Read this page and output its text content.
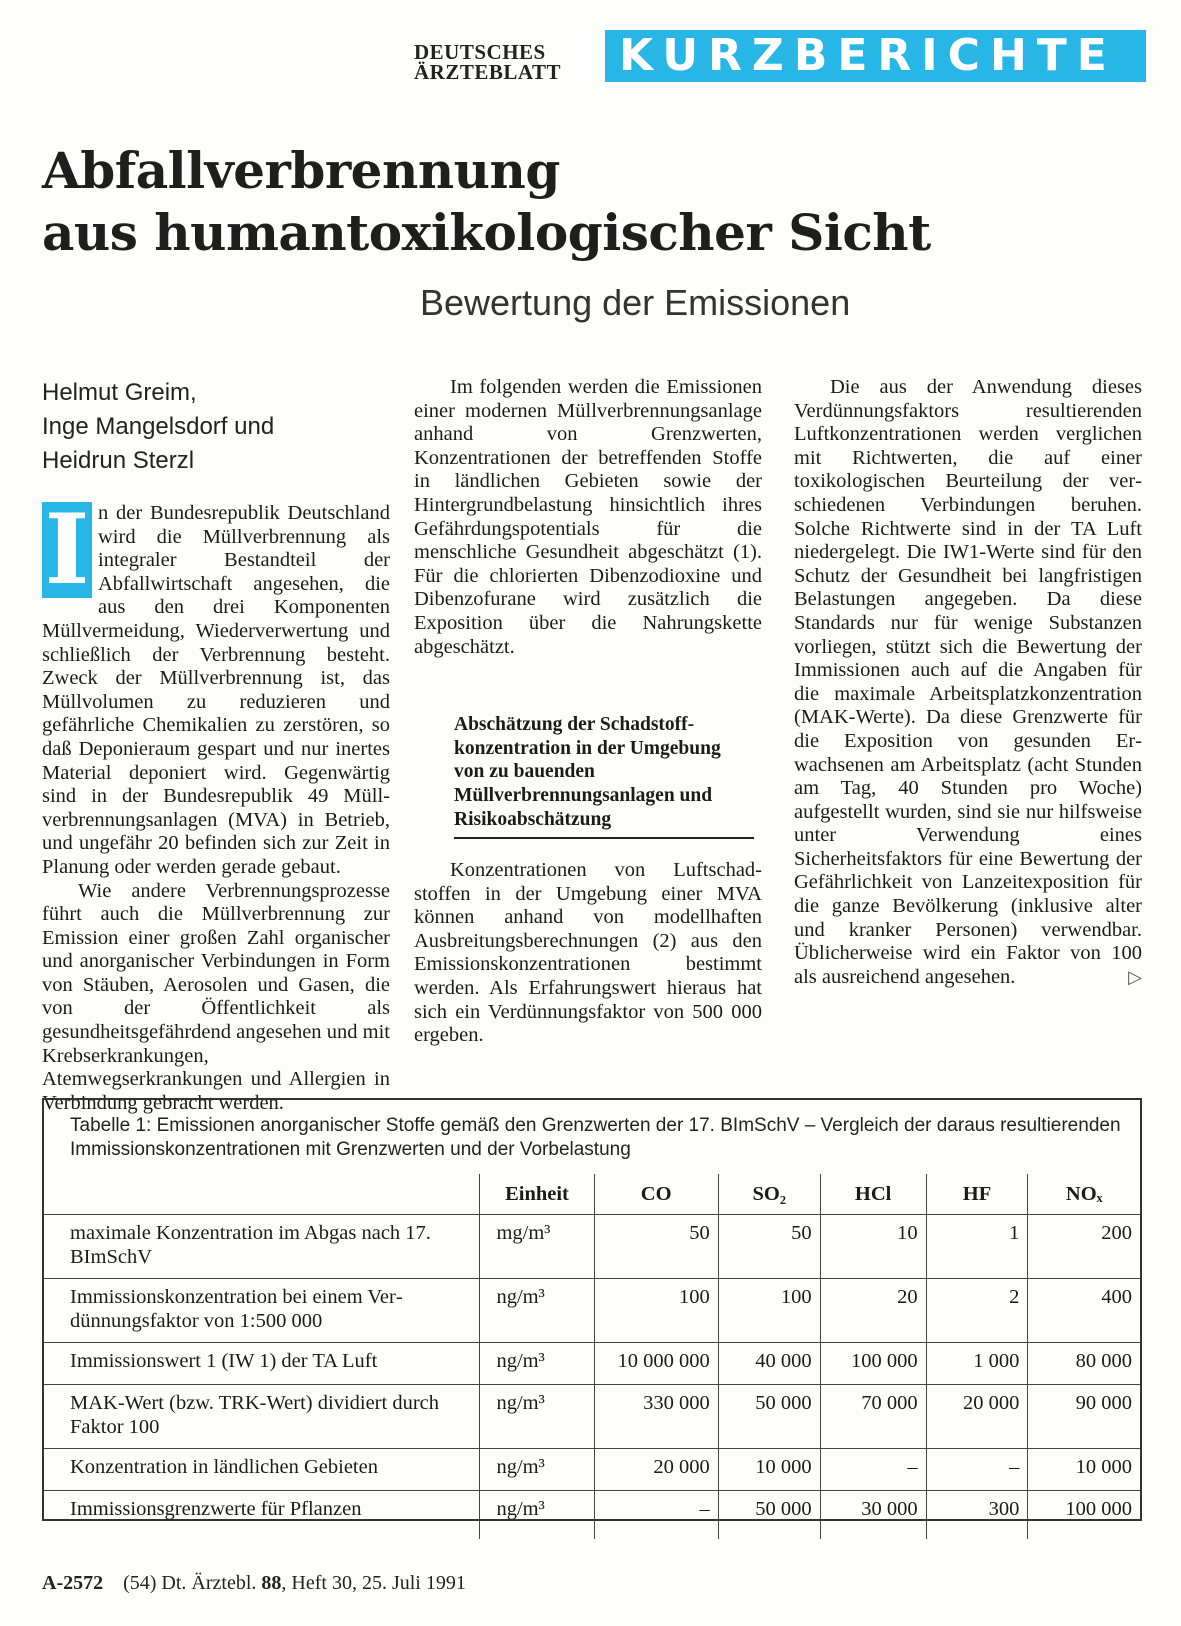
DEUTSCHES
ÄRZTEBLATT	KURZBERICHTE
Abfallverbrennung
aus humantoxikologischer Sicht
Bewertung der Emissionen
Helmut Greim,
Inge Mangelsdorf und
Heidrun Sterzl

I n der Bundesrepublik Deutschland wird die Müllverbrennung als integraler Bestandteil der Abfallwirtschaft angesehen, die aus den drei Komponenten Müllvermeidung, Wiederverwertung und schließlich der Verbrennung besteht. Zweck der Müllverbrennung ist, das Müllvolumen zu reduzieren und gefährliche Chemikalien zu zerstören, so daß Deponieraum gespart und nur inertes Material deponiert wird. Gegenwärtig sind in der Bundesrepublik 49 Müllverbrennungsanlagen (MVA) in Betrieb, und ungefähr 20 befinden sich zur Zeit in Planung oder werden gerade gebaut.

Wie andere Verbrennungsprozesse führt auch die Müllverbrennung zur Emission einer großen Zahl organischer und anorganischer Verbindungen in Form von Stäuben, Aerosolen und Gasen, die von der Öffentlichkeit als gesundheitsgefährdend angesehen und mit Krebserkrankungen, Atemwegserkrankungen und Allergien in Verbindung gebracht werden.

Im folgenden werden die Emissionen einer modernen Müllverbrennungsanlage anhand von Grenzwerten, Konzentrationen der betreffenden Stoffe in ländlichen Gebieten sowie der Hintergrundbelastung hinsichtlich ihres Gefährdungspotentials für die menschliche Gesundheit abgeschätzt (1). Für die chlorierten Dibenzodioxine und Dibenzofurane wird zusätzlich die Exposition über die Nahrungskette abgeschätzt.

Abschätzung der Schadstoffkonzentration in der Umgebung von zu bauenden Müllverbrennungsanlagen und Risikoabschätzung

Konzentrationen von Luftschadstoffen in der Umgebung einer MVA können anhand von modellhaften Ausbreitungsberechnungen (2) aus den Emissionskonzentrationen bestimmt werden. Als Erfahrungswert hieraus hat sich ein Verdünnungsfaktor von 500 000 ergeben.

Die aus der Anwendung dieses Verdünnungsfaktors resultierenden Luftkonzentrationen werden verglichen mit Richtwerten, die auf einer toxikologischen Beurteilung der verschiedenen Verbindungen beruhen. Solche Richtwerte sind in der TA Luft niedergelegt. Die IW1-Werte sind für den Schutz der Gesundheit bei langfristigen Belastungen angegeben. Da diese Standards nur für wenige Substanzen vorliegen, stützt sich die Bewertung der Immissionen auch auf die Angaben für die maximale Arbeitsplatzkonzentration (MAK-Werte). Da diese Grenzwerte für die Exposition von gesunden Erwachsenen am Arbeitsplatz (acht Stunden am Tag, 40 Stunden pro Woche) aufgestellt wurden, sind sie nur hilfsweise unter Verwendung eines Sicherheitsfaktors für eine Bewertung der Gefährlichkeit von Lanzeitexposition für die ganze Bevölkerung (inklusive alter und kranker Personen) verwendbar. Üblicherweise wird ein Faktor von 100 als ausreichend angesehen.	▷

Tabelle 1: Emissionen anorganischer Stoffe gemäß den Grenzwerten der 17. BImSchV – Vergleich der daraus resultierenden Immissionskonzentrationen mit Grenzwerten und der Vorbelastung
	Einheit	CO	SO₂	HCl	HF	NOₓ
maximale Konzentration im Abgas nach 17. BImSchV	mg/m³	50	50	10	1	200
Immissionskonzentration bei einem Verdünnungsfaktor von 1:500 000	ng/m³	100	100	20	2	400
Immissionswert 1 (IW 1) der TA Luft	ng/m³	10 000 000	40 000	100 000	1 000	80 000
MAK-Wert (bzw. TRK-Wert) dividiert durch Faktor 100	ng/m³	330 000	50 000	70 000	20 000	90 000
Konzentration in ländlichen Gebieten	ng/m³	20 000	10 000	–	–	10 000
Immissionsgrenzwerte für Pflanzen	ng/m³	–	50 000	30 000	300	100 000
A-2572 (54) Dt. Ärztebl. 88, Heft 30, 25. Juli 1991
